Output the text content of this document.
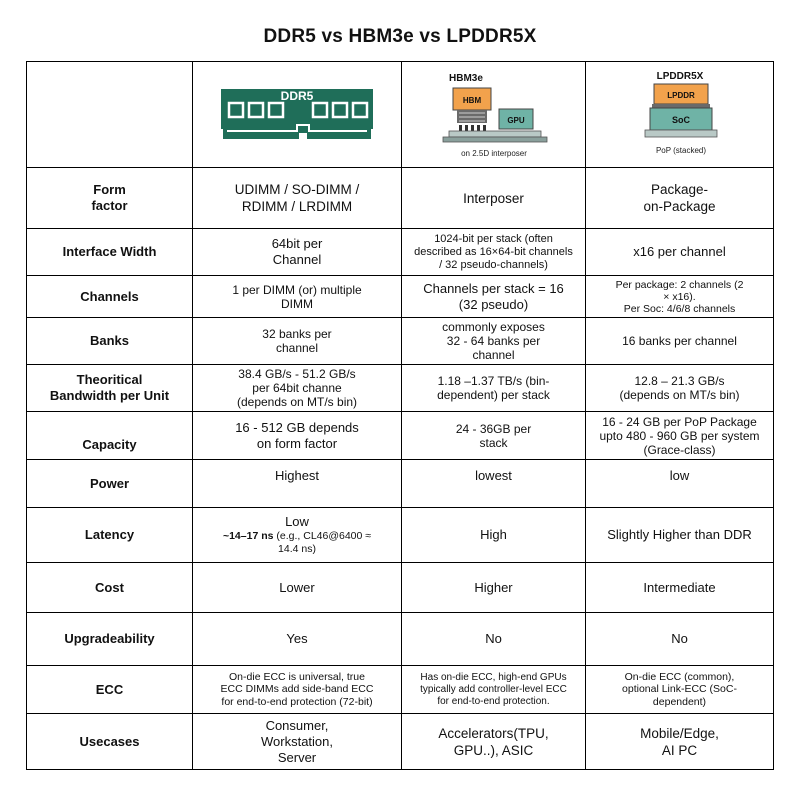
DDR5 vs HBM3e vs LPDDR5X

DDR5	HBM3e
HBM
GPU
on 2.5D interposer	LPDDR5X
LPDDR
SoC
PoP (stacked)

Form
factor	UDIMM / SO-DIMM /
RDIMM / LRDIMM	Interposer	Package-
on-Package
Interface Width	64bit per
Channel	1024-bit per stack (often
described as 16×64-bit channels
/ 32 pseudo-channels)	x16 per channel
Channels	1 per DIMM (or) multiple
DIMM	Channels per stack = 16
(32 pseudo)	Per package: 2 channels (2
× x16).
Per Soc: 4/6/8 channels
Banks	32 banks per
channel	commonly exposes
32 - 64 banks per
channel	16 banks per channel
Theoritical
Bandwidth per Unit	38.4 GB/s - 51.2 GB/s
per 64bit channe
(depends on MT/s bin)	1.18 –1.37 TB/s (bin-
dependent) per stack	12.8 – 21.3 GB/s
(depends on MT/s bin)
Capacity	16 - 512 GB depends
on form factor	24 - 36GB per
stack	16 - 24 GB per PoP Package
upto 480 - 960 GB per system
(Grace-class)
Power	Highest	lowest	low
Latency	Low
~14–17 ns (e.g., CL46@6400 ≈
14.4 ns)	High	Slightly Higher than DDR
Cost	Lower	Higher	Intermediate
Upgradeability	Yes	No	No
ECC	On-die ECC is universal, true
ECC DIMMs add side-band ECC
for end-to-end protection (72-bit)	Has on-die ECC, high-end GPUs
typically add controller-level ECC
for end-to-end protection.	On-die ECC (common),
optional Link-ECC (SoC-
dependent)
Usecases	Consumer,
Workstation,
Server	Accelerators(TPU,
GPU..), ASIC	Mobile/Edge,
AI PC
